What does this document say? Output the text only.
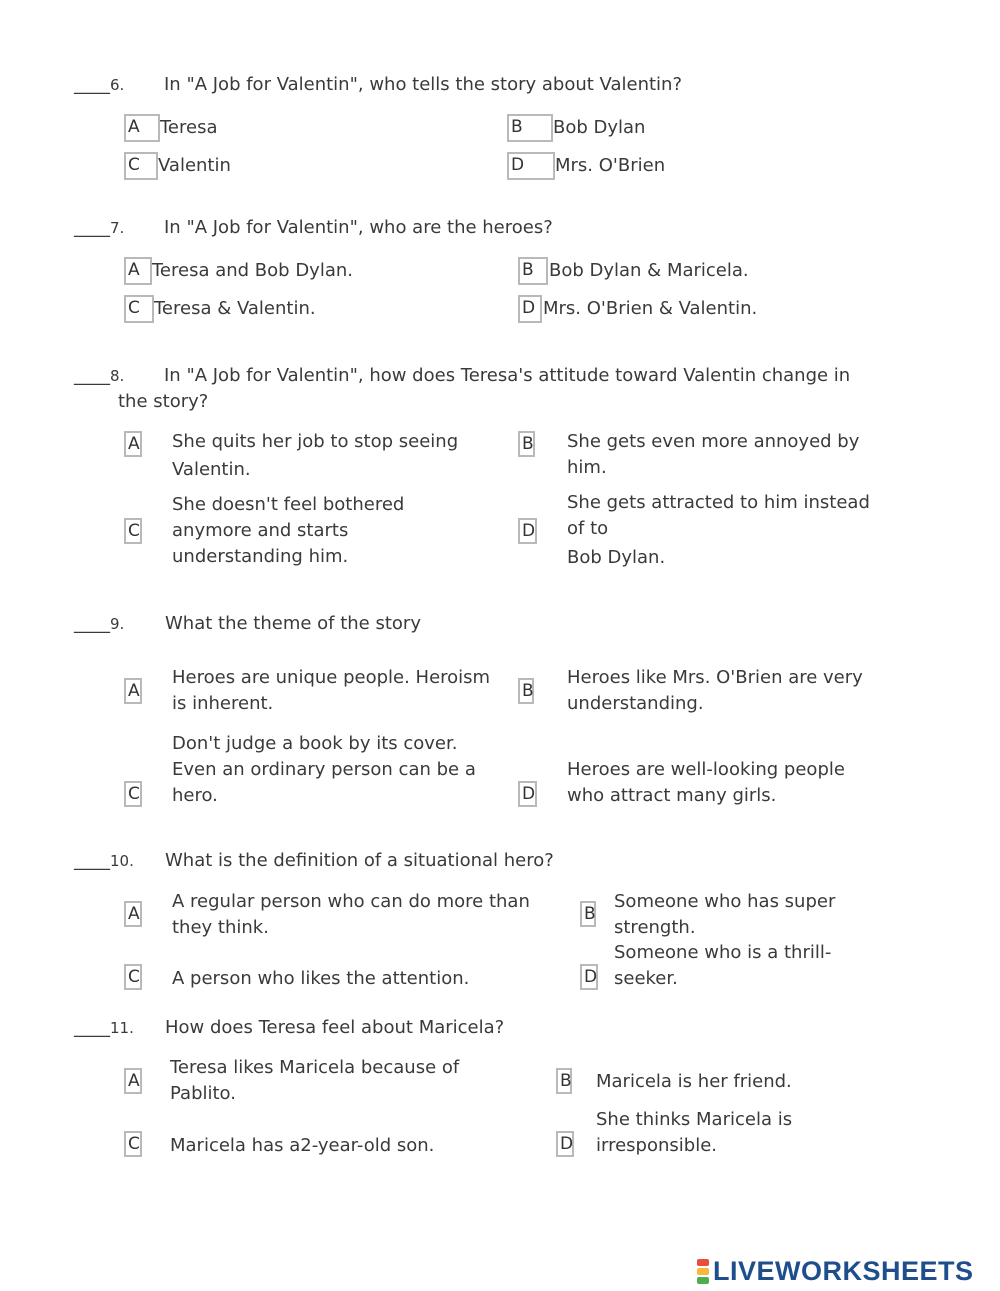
____6. In "A Job for Valentin", who tells the story about Valentin?
A	Teresa	B	Bob Dylan
C	Valentin	D	Mrs. O'Brien
____7. In "A Job for Valentin", who are the heroes?
A Teresa and Bob Dylan.	B Bob Dylan & Maricela.
C Teresa & Valentin.	D Mrs. O'Brien & Valentin.
____8. In "A Job for Valentin", how does Teresa's attitude toward Valentin change in
the story?
A She quits her job to stop seeing
Valentin.
B She gets even more annoyed by
him.
C
She doesn't feel bothered
anymore and starts
understanding him.
D
She gets attracted to him instead
of to
Bob Dylan.
____9. What the theme of the story
A
Heroes are unique people. Heroism
is inherent.
B
Heroes like Mrs. O'Brien are very
understanding.
C
Don't judge a book by its cover.
Even an ordinary person can be a
hero.	D
Heroes are well-looking people
who attract many girls.
____10. What is the definition of a situational hero?
A
A regular person who can do more than
they think.
B
Someone who has super
strength.
C A person who likes the attention.	D
Someone who is a thrill-
seeker.
____11. How does Teresa feel about Maricela?
A
Teresa likes Maricela because of
Pablito.
B Maricela is her friend.
C Maricela has a2-year-old son.	D
She thinks Maricela is
irresponsible.
LIVEWORKSHEETS
